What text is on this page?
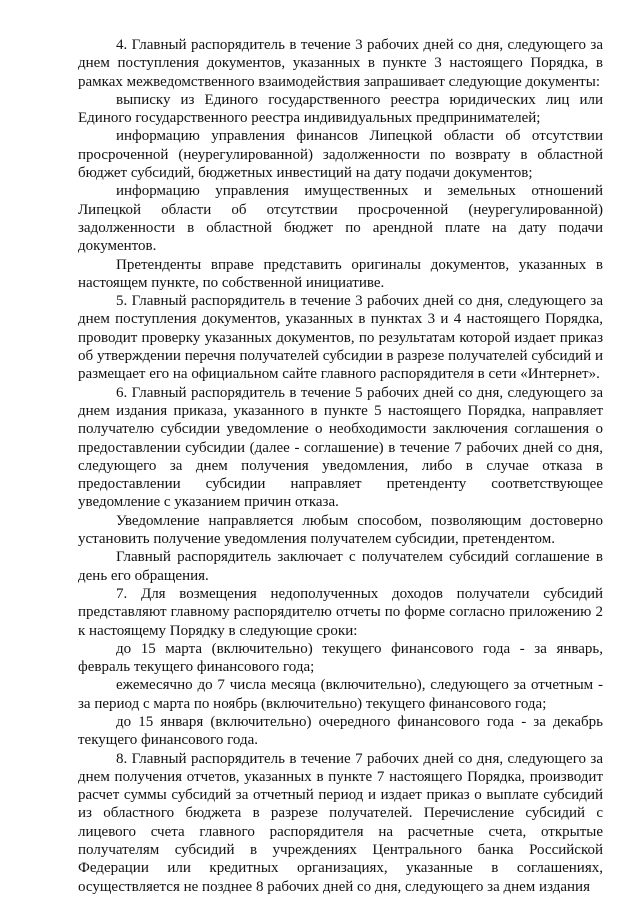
4. Главный распорядитель в течение 3 рабочих дней со дня, следующего за днем поступления документов, указанных в пункте 3 настоящего Порядка, в рамках межведомственного взаимодействия запрашивает следующие документы:

выписку из Единого государственного реестра юридических лиц или Единого государственного реестра индивидуальных предпринимателей;

информацию управления финансов Липецкой области об отсутствии просроченной (неурегулированной) задолженности по возврату в областной бюджет субсидий, бюджетных инвестиций на дату подачи документов;

информацию управления имущественных и земельных отношений Липецкой области об отсутствии просроченной (неурегулированной) задолженности в областной бюджет по арендной плате на дату подачи документов.

Претенденты вправе представить оригиналы документов, указанных в настоящем пункте, по собственной инициативе.

5. Главный распорядитель в течение 3 рабочих дней со дня, следующего за днем поступления документов, указанных в пунктах 3 и 4 настоящего Порядка, проводит проверку указанных документов, по результатам которой издает приказ об утверждении перечня получателей субсидии в разрезе получателей субсидий и размещает его на официальном сайте главного распорядителя в сети «Интернет».

6. Главный распорядитель в течение 5 рабочих дней со дня, следующего за днем издания приказа, указанного в пункте 5 настоящего Порядка, направляет получателю субсидии уведомление о необходимости заключения соглашения о предоставлении субсидии (далее - соглашение) в течение 7 рабочих дней со дня, следующего за днем получения уведомления, либо в случае отказа в предоставлении субсидии направляет претенденту соответствующее уведомление с указанием причин отказа.

Уведомление направляется любым способом, позволяющим достоверно установить получение уведомления получателем субсидии, претендентом.

Главный распорядитель заключает с получателем субсидий соглашение в день его обращения.

7. Для возмещения недополученных доходов получатели субсидий представляют главному распорядителю отчеты по форме согласно приложению 2 к настоящему Порядку в следующие сроки:

до 15 марта (включительно) текущего финансового года - за январь, февраль текущего финансового года;

ежемесячно до 7 числа месяца (включительно), следующего за отчетным - за период с марта по ноябрь (включительно) текущего финансового года;

до 15 января (включительно) очередного финансового года - за декабрь текущего финансового года.

8. Главный распорядитель в течение 7 рабочих дней со дня, следующего за днем получения отчетов, указанных в пункте 7 настоящего Порядка, производит расчет суммы субсидий за отчетный период и издает приказ о выплате субсидий из областного бюджета в разрезе получателей. Перечисление субсидий с лицевого счета главного распорядителя на расчетные счета, открытые получателям субсидий в учреждениях Центрального банка Российской Федерации или кредитных организациях, указанные в соглашениях, осуществляется не позднее 8 рабочих дней со дня, следующего за днем издания
